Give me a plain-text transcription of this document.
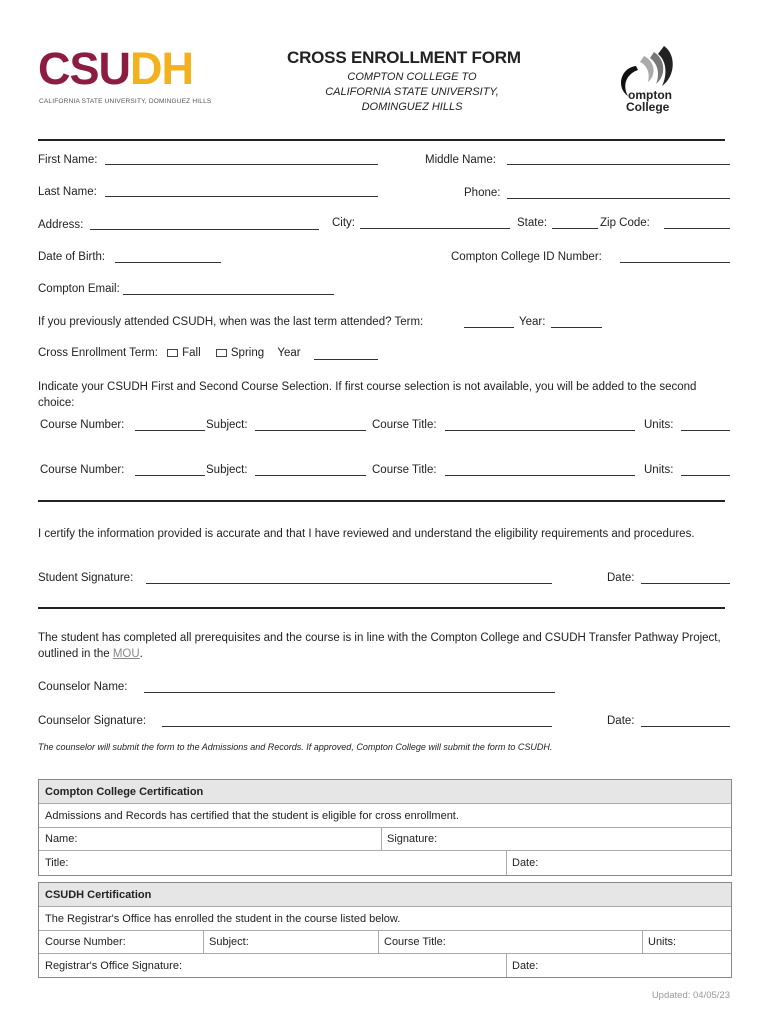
CSUDH
CALIFORNIA STATE UNIVERSITY, DOMINGUEZ HILLS
CROSS ENROLLMENT FORM
COMPTON COLLEGE TO
CALIFORNIA STATE UNIVERSITY,
DOMINGUEZ HILLS
ompton
College
First Name:	Middle Name:
Last Name:	Phone:
Address:	City:	State:	Zip Code:
Date of Birth:	Compton College ID Number:
Compton Email:
If you previously attended CSUDH, when was the last term attended? Term:	Year:
Cross Enrollment Term: Fall	Spring Year
Indicate your CSUDH First and Second Course Selection. If first course selection is not available, you will be added to the second choice:
Course Number:	Subject:	Course Title:	Units:
Course Number:	Subject:	Course Title:	Units:
I certify the information provided is accurate and that I have reviewed and understand the eligibility requirements and procedures.
Student Signature:	Date:
The student has completed all prerequisites and the course is in line with the Compton College and CSUDH Transfer Pathway Project, outlined in the MOU.
Counselor Name:
Counselor Signature:	Date:
The counselor will submit the form to the Admissions and Records. If approved, Compton College will submit the form to CSUDH.
Compton College Certification
Admissions and Records has certified that the student is eligible for cross enrollment.
Name:	Signature:
Title:	Date:
CSUDH Certification
The Registrar's Office has enrolled the student in the course listed below.
Course Number:	Subject:	Course Title:	Units:
Registrar's Office Signature:	Date:
Updated: 04/05/23
